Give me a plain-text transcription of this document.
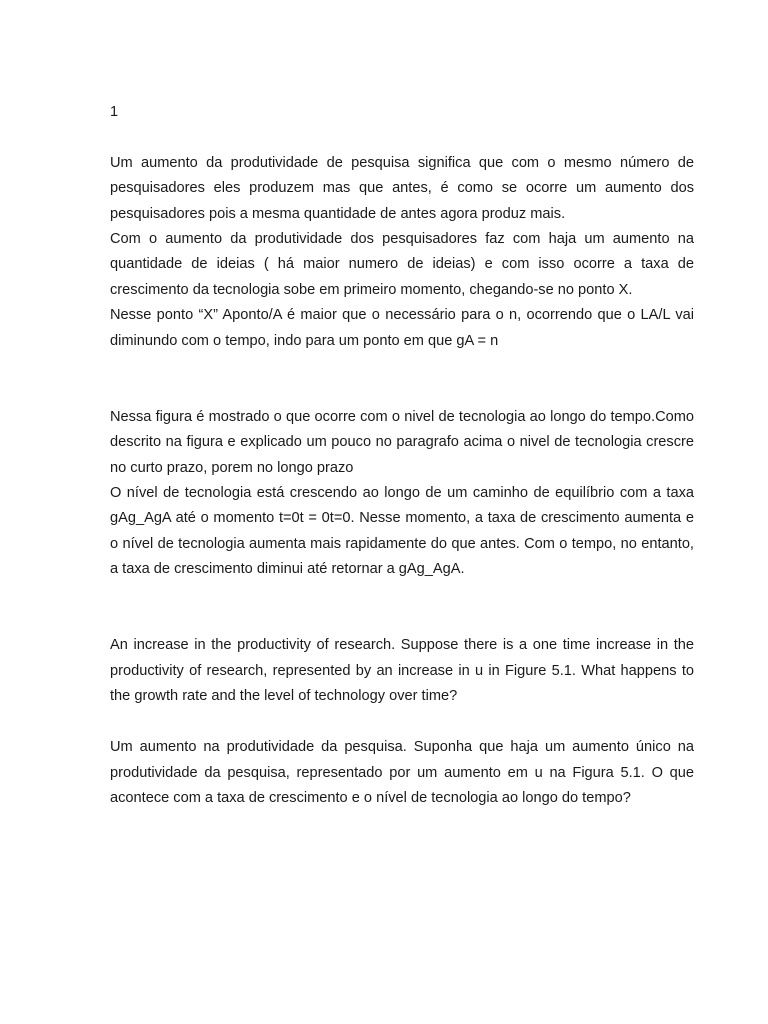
1

Um aumento da produtividade de pesquisa significa que com o mesmo número de pesquisadores eles produzem mas que antes, é como se ocorre um aumento dos pesquisadores pois a mesma quantidade de antes agora produz mais.

Com o aumento da produtividade dos pesquisadores faz com haja um aumento na quantidade de ideias ( há maior numero de ideias) e com isso ocorre a taxa de crescimento da tecnologia sobe em primeiro momento, chegando-se no ponto X.

Nesse ponto “X” Aponto/A é maior que o necessário para o n, ocorrendo que o LA/L vai diminundo com o tempo, indo para um ponto em que gA = n

Nessa figura é mostrado o que ocorre com o nivel de tecnologia ao longo do tempo.Como descrito na figura e explicado um pouco no paragrafo acima o nivel de tecnologia crescre no curto prazo, porem no longo prazo

O nível de tecnologia está crescendo ao longo de um caminho de equilíbrio com a taxa gAg_AgA até o momento t=0t = 0t=0. Nesse momento, a taxa de crescimento aumenta e o nível de tecnologia aumenta mais rapidamente do que antes. Com o tempo, no entanto, a taxa de crescimento diminui até retornar a gAg_AgA.

An increase in the productivity of research. Suppose there is a one time increase in the productivity of research, represented by an increase in u in Figure 5.1. What happens to the growth rate and the level of technology over time?

Um aumento na produtividade da pesquisa. Suponha que haja um aumento único na produtividade da pesquisa, representado por um aumento em u na Figura 5.1. O que acontece com a taxa de crescimento e o nível de tecnologia ao longo do tempo?
